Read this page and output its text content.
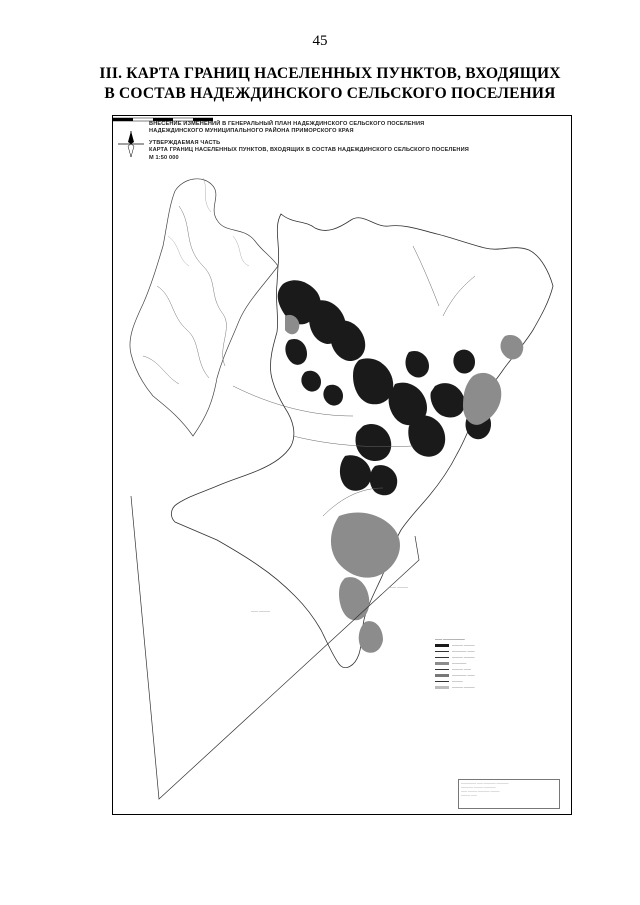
45
III. КАРТА ГРАНИЦ НАСЕЛЕННЫХ ПУНКТОВ, ВХОДЯЩИХ
В СОСТАВ НАДЕЖДИНСКОГО СЕЛЬСКОГО ПОСЕЛЕНИЯ
—— ———
—— ———
ВНЕСЕНИЕ ИЗМЕНЕНИЙ В ГЕНЕРАЛЬНЫЙ ПЛАН НАДЕЖДИНСКОГО СЕЛЬСКОГО ПОСЕЛЕНИЯ
НАДЕЖДИНСКОГО МУНИЦИПАЛЬНОГО РАЙОНА ПРИМОРСКОГО КРАЯ
УТВЕРЖДАЕМАЯ ЧАСТЬ
КАРТА ГРАНИЦ НАСЕЛЕННЫХ ПУНКТОВ, ВХОДЯЩИХ В СОСТАВ НАДЕЖДИНСКОГО СЕЛЬСКОГО ПОСЕЛЕНИЯ
М 1:50 000
—— ——————
——— ———
———— ——
——— ———
————
——— ——
———— ——
———
——— ———
————— —— ———— ————
———— ——— ————
—— ——— ———— ———
——— ——
